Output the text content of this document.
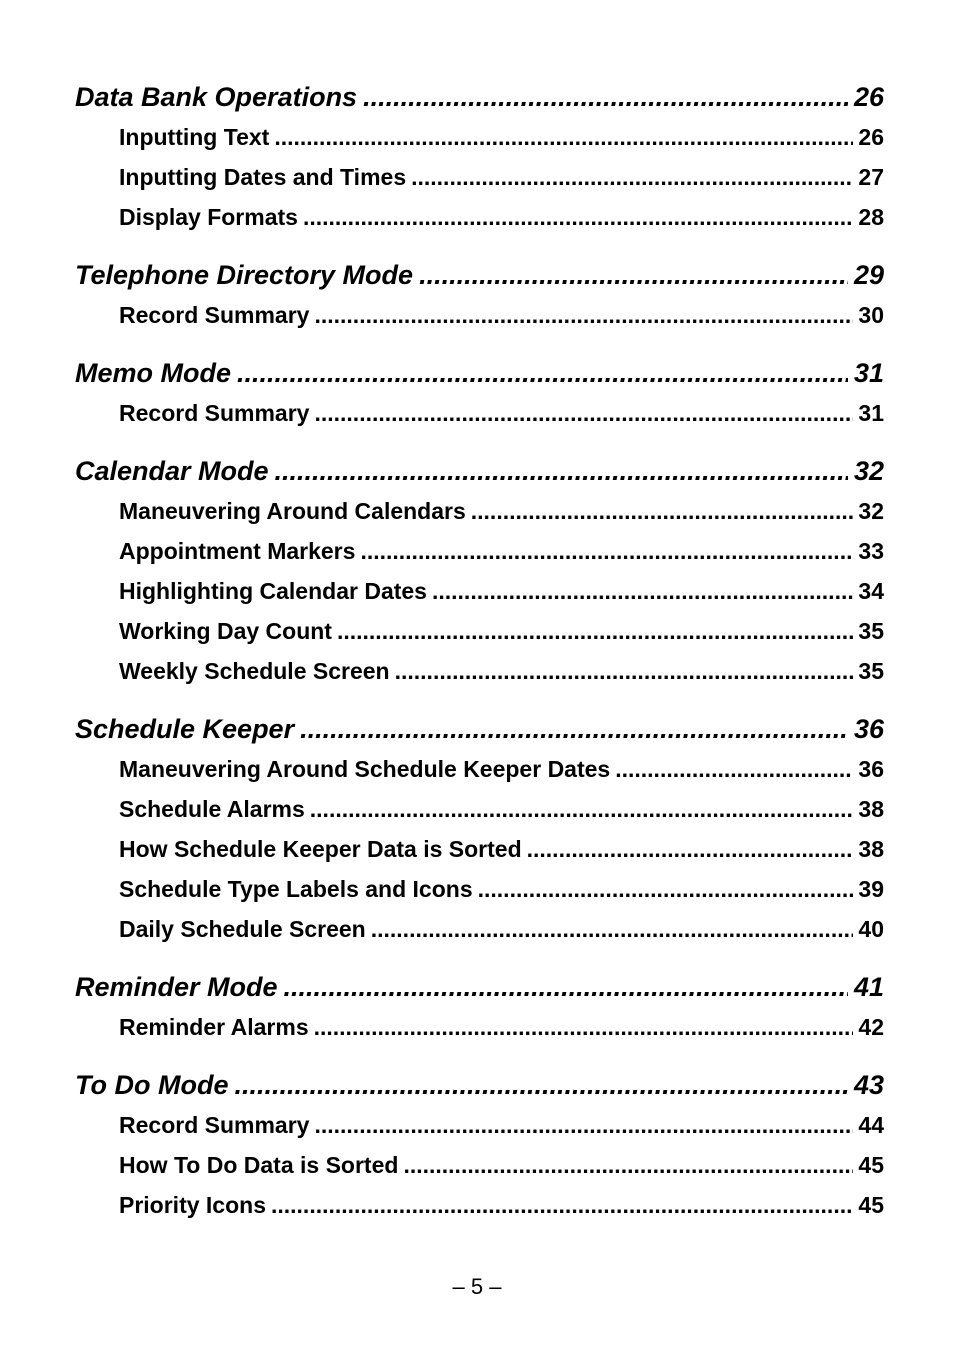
Data Bank Operations .....	26
Inputting Text .....	26
Inputting Dates and Times .....	27
Display Formats .....	28
Telephone Directory Mode .....	29
Record Summary .....	30
Memo Mode .....	31
Record Summary .....	31
Calendar Mode .....	32
Maneuvering Around Calendars .....	32
Appointment Markers .....	33
Highlighting Calendar Dates .....	34
Working Day Count .....	35
Weekly Schedule Screen .....	35
Schedule Keeper .....	36
Maneuvering Around Schedule Keeper Dates .....	36
Schedule Alarms .....	38
How Schedule Keeper Data is Sorted .....	38
Schedule Type Labels and Icons .....	39
Daily Schedule Screen .....	40
Reminder Mode .....	41
Reminder Alarms .....	42
To Do Mode .....	43
Record Summary .....	44
How To Do Data is Sorted .....	45
Priority Icons .....	45
– 5 –
